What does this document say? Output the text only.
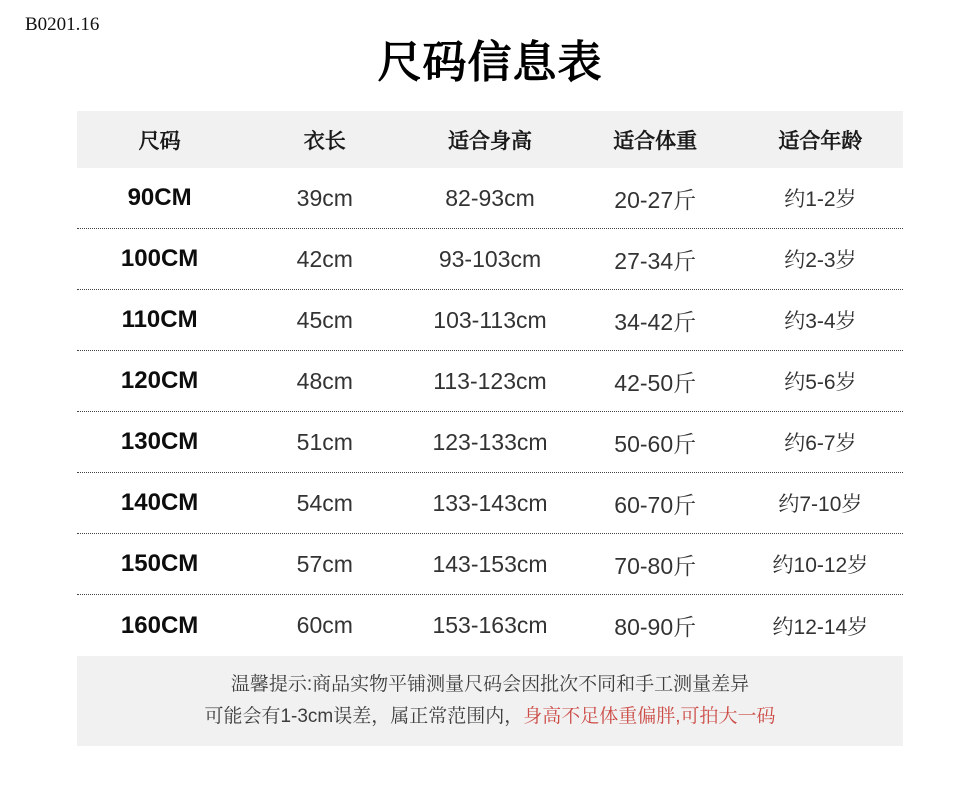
B0201.16
尺码信息表
尺码	衣长	适合身高	适合体重	适合年龄
90CM	39cm	82-93cm	20-27斤	约1-2岁
100CM	42cm	93-103cm	27-34斤	约2-3岁
110CM	45cm	103-113cm	34-42斤	约3-4岁
120CM	48cm	113-123cm	42-50斤	约5-6岁
130CM	51cm	123-133cm	50-60斤	约6-7岁
140CM	54cm	133-143cm	60-70斤	约7-10岁
150CM	57cm	143-153cm	70-80斤	约10-12岁
160CM	60cm	153-163cm	80-90斤	约12-14岁
温馨提示:商品实物平铺测量尺码会因批次不同和手工测量差异
可能会有1-3cm误差，属正常范围内，身高不足体重偏胖,可拍大一码
